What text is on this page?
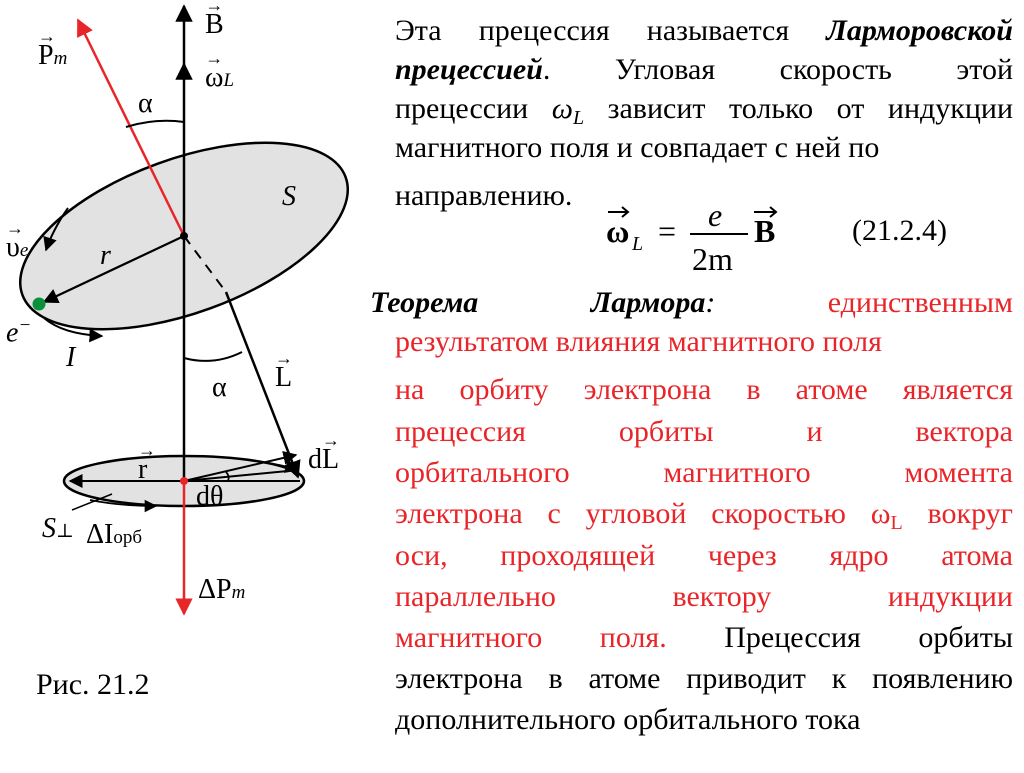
→ B
→ ωL
→ Pm
α
S
r
→ υe
e−
I
α
→ L
d→ L
→ r
dθ
S⊥ ΔIорб
ΔPm
Рис. 21.2
Эта прецессия называется Ларморовской
прецессией. Угловая скорость этой
прецессии $\omega_L$ зависит только от индукции
магнитного поля и совпадает с ней по
направлению.
ω L = e
2m
B	(21.2.4)
Теорема	Лармора:	единственным
результатом влияния магнитного поля
на орбиту электрона в атоме является
прецессия орбиты и вектора
орбитального магнитного момента
электрона с угловой скоростью $\omega_L$ вокруг
оси, проходящей через ядро атома
параллельно вектору индукции
магнитного поля. Прецессия орбиты
электрона в атоме приводит к появлению
дополнительного орбитального тока
